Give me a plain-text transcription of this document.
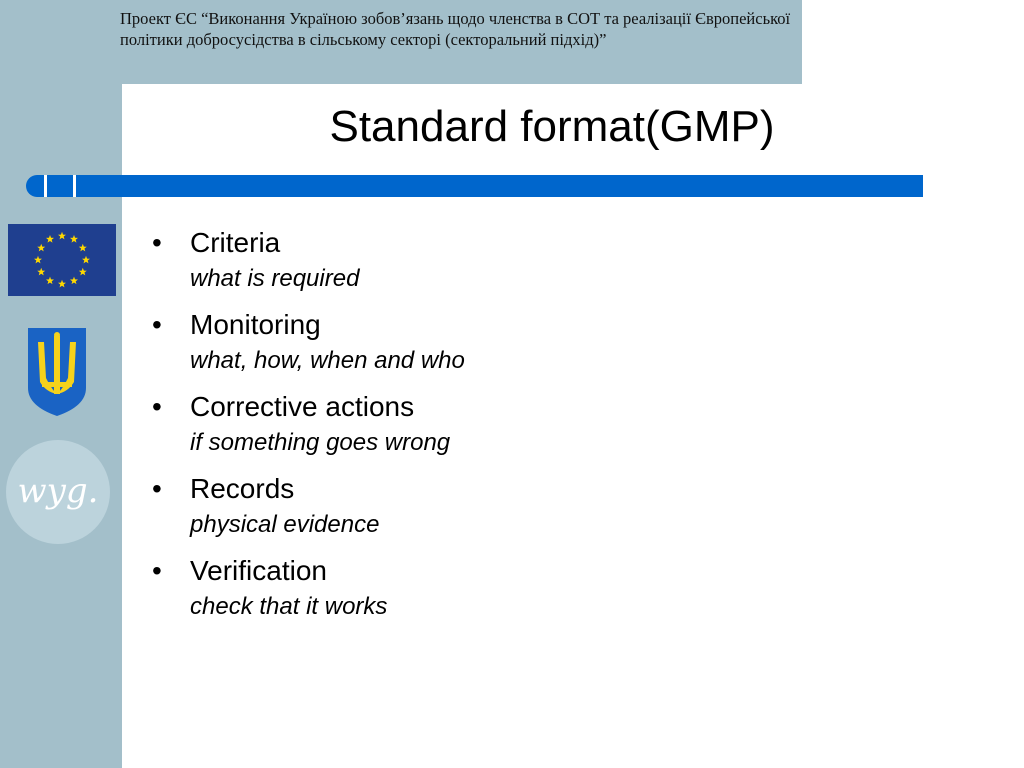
Проект ЄС “Виконання Україною зобов’язань щодо членства в СОТ та реалізації Європейської політики добросусідства в сільському секторі (секторальний підхід)”
Standard format(GMP)
wyg.
•	Criteria
what is required
•	Monitoring
what, how, when and who
•	Corrective actions
if something goes wrong
•	Records
physical evidence
•	Verification
check that it works
